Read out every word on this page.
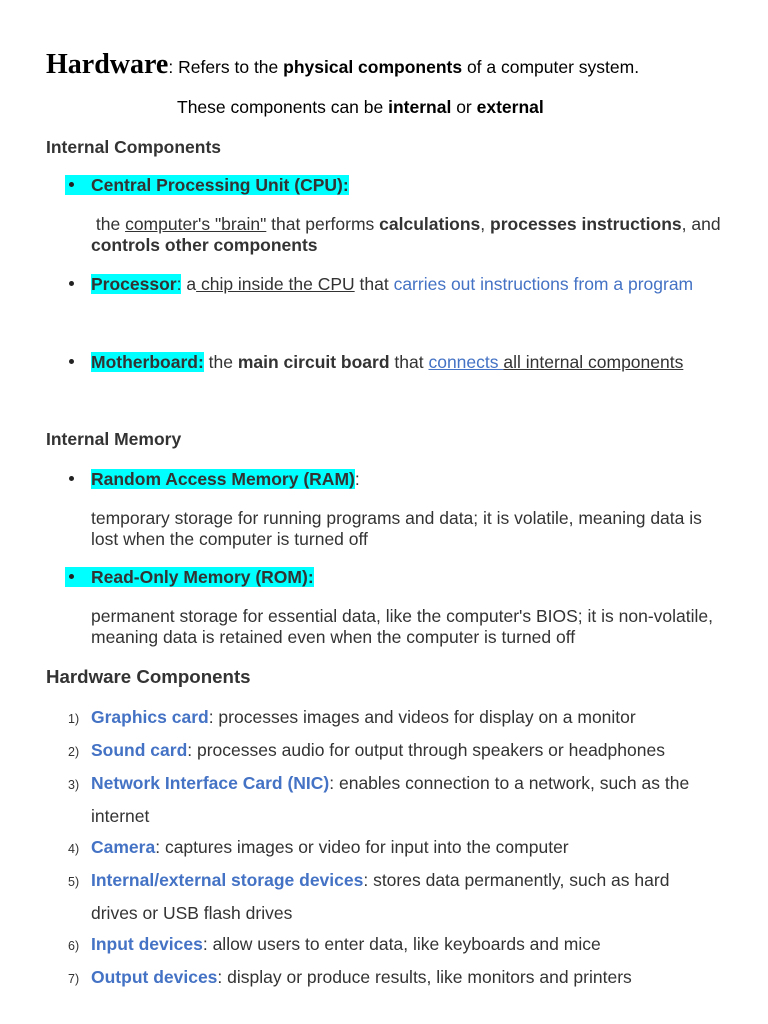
Hardware: Refers to the physical components of a computer system.
These components can be internal or external
Internal Components
Central Processing Unit (CPU):
the computer's "brain" that performs calculations, processes instructions, and
controls other components
Processor: a chip inside the CPU that carries out instructions from a program
Motherboard: the main circuit board that connects all internal components
Internal Memory
Random Access Memory (RAM):
temporary storage for running programs and data; it is volatile, meaning data is
lost when the computer is turned off
Read-Only Memory (ROM):
permanent storage for essential data, like the computer's BIOS; it is non-volatile,
meaning data is retained even when the computer is turned off
Hardware Components
1) Graphics card: processes images and videos for display on a monitor
2) Sound card: processes audio for output through speakers or headphones
3) Network Interface Card (NIC): enables connection to a network, such as the
internet
4) Camera: captures images or video for input into the computer
5) Internal/external storage devices: stores data permanently, such as hard
drives or USB flash drives
6) Input devices: allow users to enter data, like keyboards and mice
7) Output devices: display or produce results, like monitors and printers
